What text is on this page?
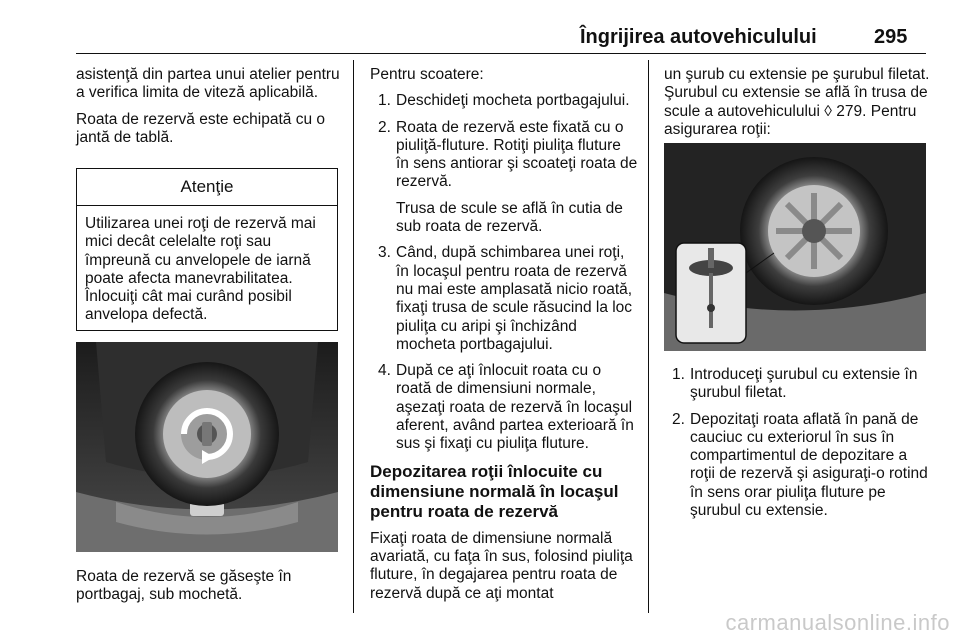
Îngrijirea autovehiculului	295

asistenţă din partea unui atelier pentru a verifica limita de viteză aplicabilă.

Roata de rezervă este echipată cu o jantă de tablă.

Atenţie
Utilizarea unei roţi de rezervă mai mici decât celelalte roţi sau împreună cu anvelopele de iarnă poate afecta manevrabilitatea. Înlocuiţi cât mai curând posibil anvelopa defectă.
Roata de rezervă se găseşte în portbagaj, sub mochetă.

Pentru scoatere:

1. Deschideţi mocheta portbagajului.
2. Roata de rezervă este fixată cu o piuliţă-fluture. Rotiţi piuliţa fluture în sens antiorar şi scoateţi roata de rezervă.
Trusa de scule se află în cutia de sub roata de rezervă.
3. Când, după schimbarea unei roţi, în locaşul pentru roata de rezervă nu mai este amplasată nicio roată, fixaţi trusa de scule răsucind la loc piuliţa cu aripi şi închizând mocheta portbagajului.
4. După ce aţi înlocuit roata cu o roată de dimensiuni normale, aşezaţi roata de rezervă în locaşul aferent, având partea exterioară în sus şi fixaţi cu piuliţa fluture.
Depozitarea roţii înlocuite cu dimensiune normală în locaşul pentru roata de rezervă

Fixaţi roata de dimensiune normală avariată, cu faţa în sus, folosind piuliţa fluture, în degajarea pentru roata de rezervă după ce aţi montat

un şurub cu extensie pe şurubul filetat. Şurubul cu extensie se află în trusa de scule a autovehiculului ◊ 279. Pentru asigurarea roţii:

1. Introduceţi şurubul cu extensie în şurubul filetat.
2. Depozitaţi roata aflată în pană de cauciuc cu exteriorul în sus în compartimentul de depozitare a roţii de rezervă şi asiguraţi-o rotind în sens orar piuliţa fluture pe şurubul cu extensie.
carmanualsonline.info
